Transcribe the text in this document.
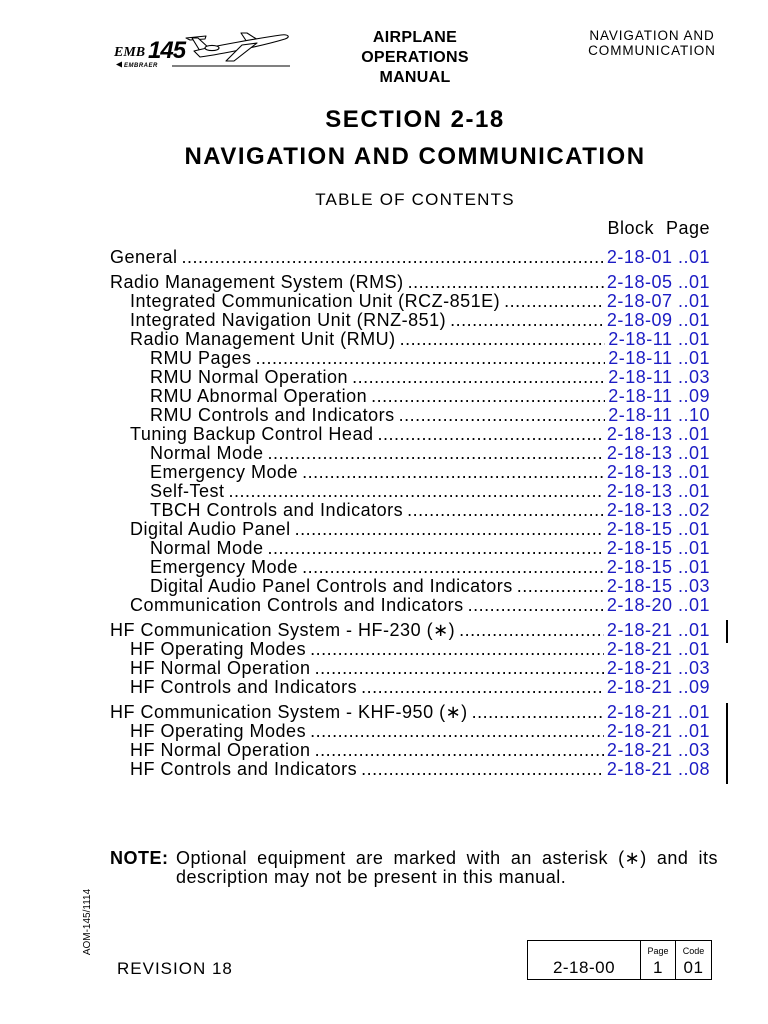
EMB 145
EMBRAER
AIRPLANE
OPERATIONS
MANUAL
NAVIGATION AND
COMMUNICATION
SECTION 2-18
NAVIGATION AND COMMUNICATION
TABLE OF CONTENTS
Block Page
General .....	2-18-01 ..01
Radio Management System (RMS) .....	2-18-05 ..01
Integrated Communication Unit (RCZ-851E) .....	2-18-07 ..01
Integrated Navigation Unit (RNZ-851) .....	2-18-09 ..01
Radio Management Unit (RMU) .....	2-18-11 ..01
RMU Pages .....	2-18-11 ..01
RMU Normal Operation .....	2-18-11 ..03
RMU Abnormal Operation .....	2-18-11 ..09
RMU Controls and Indicators .....	2-18-11 ..10
Tuning Backup Control Head .....	2-18-13 ..01
Normal Mode .....	2-18-13 ..01
Emergency Mode .....	2-18-13 ..01
Self-Test .....	2-18-13 ..01
TBCH Controls and Indicators .....	2-18-13 ..02
Digital Audio Panel .....	2-18-15 ..01
Normal Mode .....	2-18-15 ..01
Emergency Mode .....	2-18-15 ..01
Digital Audio Panel Controls and Indicators .....	2-18-15 ..03
Communication Controls and Indicators .....	2-18-20 ..01
HF Communication System - HF-230 (∗) .....	2-18-21 ..01
HF Operating Modes .....	2-18-21 ..01
HF Normal Operation .....	2-18-21 ..03
HF Controls and Indicators .....	2-18-21 ..09
HF Communication System - KHF-950 (∗) .....	2-18-21 ..01
HF Operating Modes .....	2-18-21 ..01
HF Normal Operation .....	2-18-21 ..03
HF Controls and Indicators .....	2-18-21 ..08
NOTE: Optional equipment are marked with an asterisk (∗) and its description may not be present in this manual.
AOM-145/1114
REVISION 18	2-18-00
Page
1
Code
01
